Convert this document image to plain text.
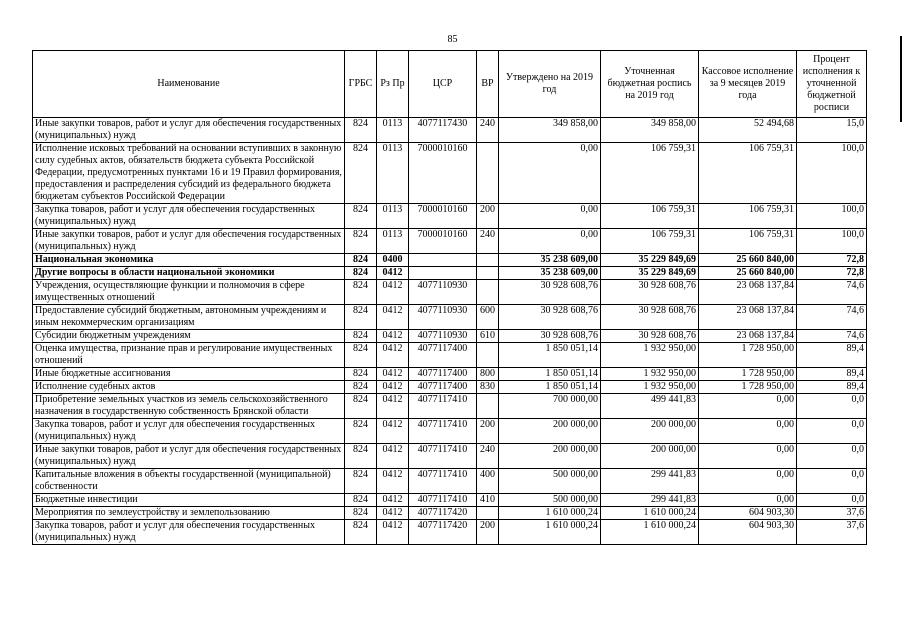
85
Наименование	ГРБС	Рз Пр	ЦСР	ВР	Утверждено на 2019 год	Уточненная бюджетная роспись на 2019 год	Кассовое исполнение за 9 месяцев 2019 года	Процент исполнения к уточненной бюджетной росписи
Иные закупки товаров, работ и услуг для обеспечения государственных (муниципальных) нужд	824	0113	4077117430	240	349 858,00	349 858,00	52 494,68	15,0
Исполнение исковых требований на основании вступивших в законную силу судебных актов, обязательств бюджета субъекта Российской Федерации, предусмотренных пунктами 16 и 19 Правил формирования, предоставления и распределения субсидий из федерального бюджета бюджетам субъектов Российской Федерации	824	0113	7000010160		0,00	106 759,31	106 759,31	100,0
Закупка товаров, работ и услуг для обеспечения государственных (муниципальных) нужд	824	0113	7000010160	200	0,00	106 759,31	106 759,31	100,0
Иные закупки товаров, работ и услуг для обеспечения государственных (муниципальных) нужд	824	0113	7000010160	240	0,00	106 759,31	106 759,31	100,0
Национальная экономика	824	0400			35 238 609,00	35 229 849,69	25 660 840,00	72,8
Другие вопросы в области национальной экономики	824	0412			35 238 609,00	35 229 849,69	25 660 840,00	72,8
Учреждения, осуществляющие функции и полномочия в сфере имущественных отношений	824	0412	4077110930		30 928 608,76	30 928 608,76	23 068 137,84	74,6
Предоставление субсидий бюджетным, автономным учреждениям и иным некоммерческим организациям	824	0412	4077110930	600	30 928 608,76	30 928 608,76	23 068 137,84	74,6
Субсидии бюджетным учреждениям	824	0412	4077110930	610	30 928 608,76	30 928 608,76	23 068 137,84	74,6
Оценка имущества, признание прав и регулирование имущественных отношений	824	0412	4077117400		1 850 051,14	1 932 950,00	1 728 950,00	89,4
Иные бюджетные ассигнования	824	0412	4077117400	800	1 850 051,14	1 932 950,00	1 728 950,00	89,4
Исполнение судебных актов	824	0412	4077117400	830	1 850 051,14	1 932 950,00	1 728 950,00	89,4
Приобретение земельных участков из земель сельскохозяйственного назначения в государственную собственность Брянской области	824	0412	4077117410		700 000,00	499 441,83	0,00	0,0
Закупка товаров, работ и услуг для обеспечения государственных (муниципальных) нужд	824	0412	4077117410	200	200 000,00	200 000,00	0,00	0,0
Иные закупки товаров, работ и услуг для обеспечения государственных (муниципальных) нужд	824	0412	4077117410	240	200 000,00	200 000,00	0,00	0,0
Капитальные вложения в объекты государственной (муниципальной) собственности	824	0412	4077117410	400	500 000,00	299 441,83	0,00	0,0
Бюджетные инвестиции	824	0412	4077117410	410	500 000,00	299 441,83	0,00	0,0
Мероприятия по землеустройству и землепользованию	824	0412	4077117420		1 610 000,24	1 610 000,24	604 903,30	37,6
Закупка товаров, работ и услуг для обеспечения государственных (муниципальных) нужд	824	0412	4077117420	200	1 610 000,24	1 610 000,24	604 903,30	37,6
